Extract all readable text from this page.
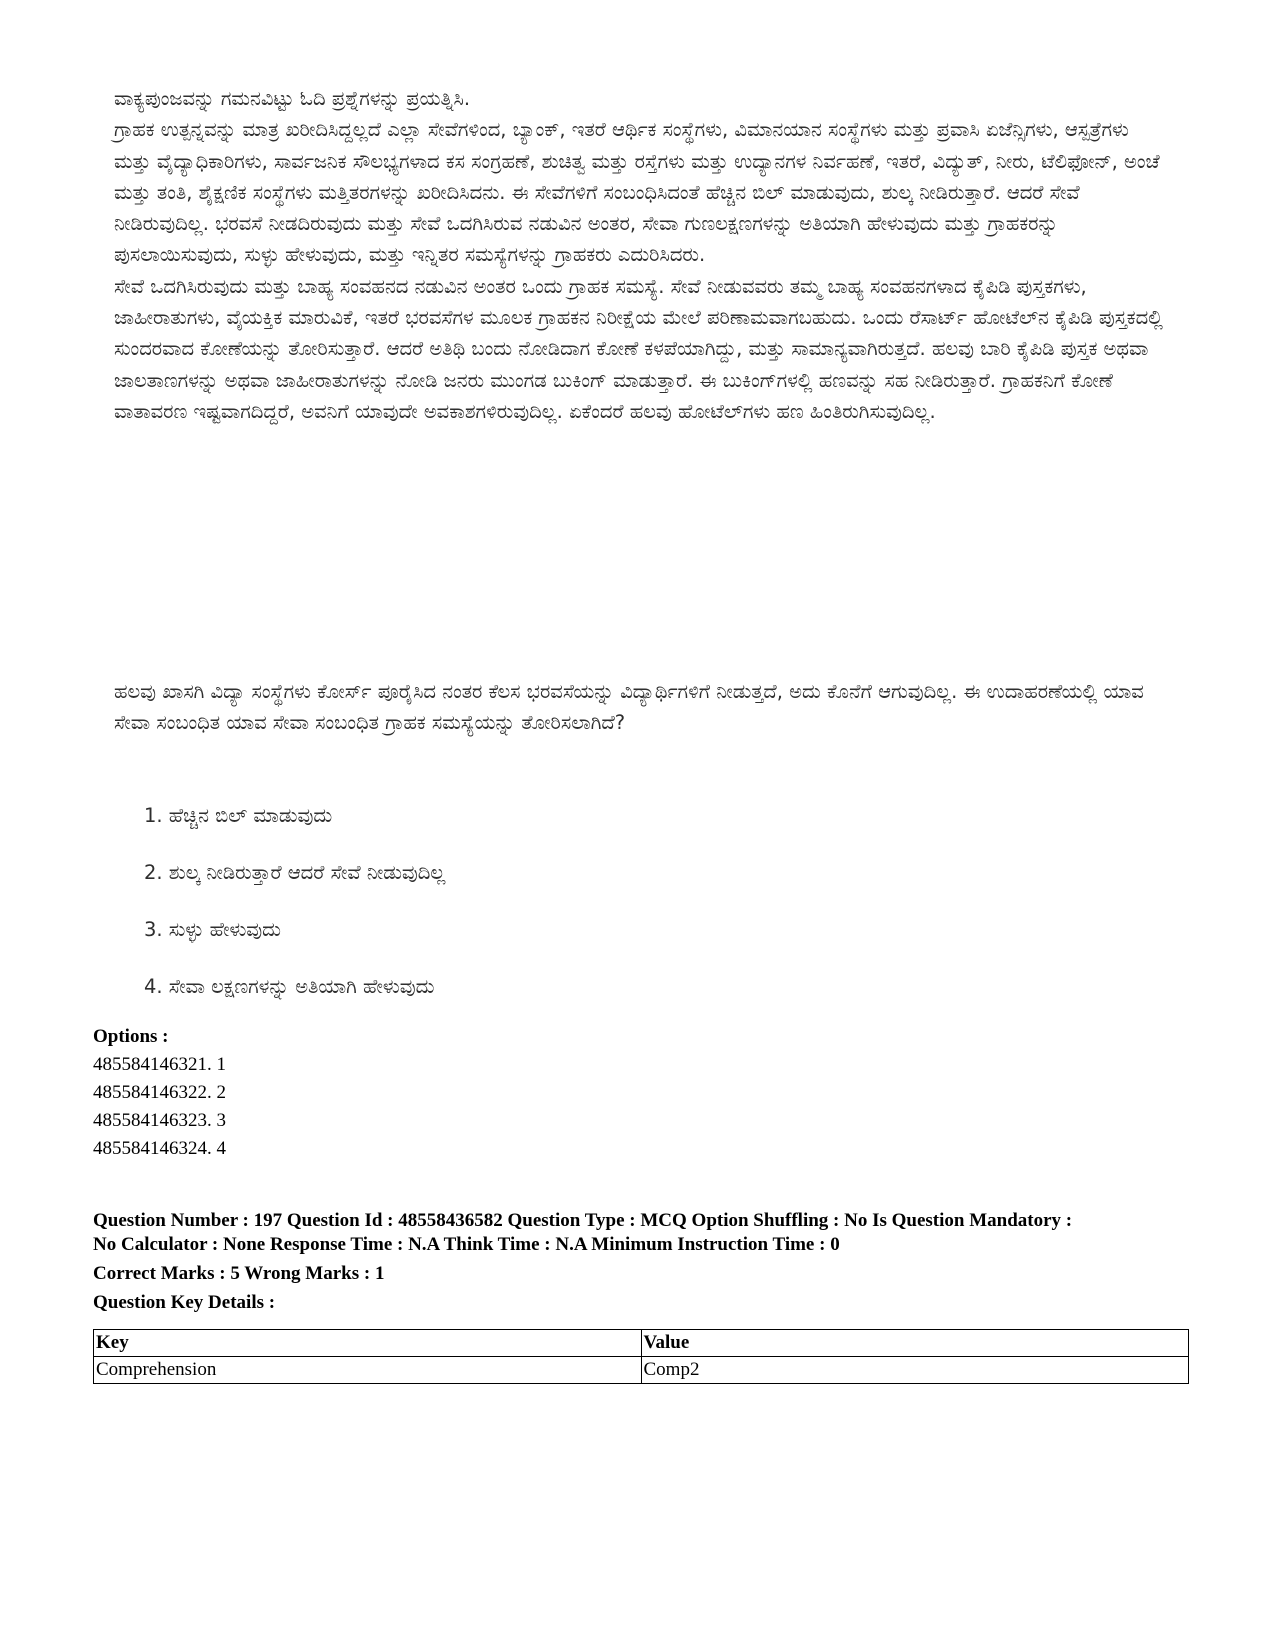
ವಾಕ್ಯಪುಂಜವನ್ನು ಗಮನವಿಟ್ಟು ಓದಿ ಪ್ರಶ್ನೆಗಳನ್ನು ಪ್ರಯತ್ನಿಸಿ.

ಗ್ರಾಹಕ ಉತ್ಪನ್ನವನ್ನು ಮಾತ್ರ ಖರೀದಿಸಿದ್ದಲ್ಲದೆ ಎಲ್ಲಾ ಸೇವೆಗಳಿಂದ, ಬ್ಯಾಂಕ್, ಇತರೆ ಆರ್ಥಿಕ ಸಂಸ್ಥೆಗಳು, ವಿಮಾನಯಾನ ಸಂಸ್ಥೆಗಳು ಮತ್ತು ಪ್ರವಾಸಿ ಏಜೆನ್ಸಿಗಳು, ಆಸ್ಪತ್ರೆಗಳು ಮತ್ತು ವೈದ್ಯಾಧಿಕಾರಿಗಳು, ಸಾರ್ವಜನಿಕ ಸೌಲಭ್ಯಗಳಾದ ಕಸ ಸಂಗ್ರಹಣೆ, ಶುಚಿತ್ವ ಮತ್ತು ರಸ್ತೆಗಳು ಮತ್ತು ಉದ್ಯಾನಗಳ ನಿರ್ವಹಣೆ, ಇತರೆ, ವಿದ್ಯುತ್, ನೀರು, ಟೆಲಿಫೋನ್, ಅಂಚೆ ಮತ್ತು ತಂತಿ, ಶೈಕ್ಷಣಿಕ ಸಂಸ್ಥೆಗಳು ಮತ್ತಿತರಗಳನ್ನು ಖರೀದಿಸಿದನು. ಈ ಸೇವೆಗಳಿಗೆ ಸಂಬಂಧಿಸಿದಂತೆ ಹೆಚ್ಚಿನ ಬಿಲ್ ಮಾಡುವುದು, ಶುಲ್ಕ ನೀಡಿರುತ್ತಾರೆ. ಆದರೆ ಸೇವೆ ನೀಡಿರುವುದಿಲ್ಲ. ಭರವಸೆ ನೀಡದಿರುವುದು ಮತ್ತು ಸೇವೆ ಒದಗಿಸಿರುವ ನಡುವಿನ ಅಂತರ, ಸೇವಾ ಗುಣಲಕ್ಷಣಗಳನ್ನು ಅತಿಯಾಗಿ ಹೇಳುವುದು ಮತ್ತು ಗ್ರಾಹಕರನ್ನು ಪುಸಲಾಯಿಸುವುದು, ಸುಳ್ಳು ಹೇಳುವುದು, ಮತ್ತು ಇನ್ನಿತರ ಸಮಸ್ಯೆಗಳನ್ನು ಗ್ರಾಹಕರು ಎದುರಿಸಿದರು.

ಸೇವೆ ಒದಗಿಸಿರುವುದು ಮತ್ತು ಬಾಹ್ಯ ಸಂವಹನದ ನಡುವಿನ ಅಂತರ ಒಂದು ಗ್ರಾಹಕ ಸಮಸ್ಯೆ. ಸೇವೆ ನೀಡುವವರು ತಮ್ಮ ಬಾಹ್ಯ ಸಂವಹನಗಳಾದ ಕೈಪಿಡಿ ಪುಸ್ತಕಗಳು, ಜಾಹೀರಾತುಗಳು, ವೈಯಕ್ತಿಕ ಮಾರುವಿಕೆ, ಇತರೆ ಭರವಸೆಗಳ ಮೂಲಕ ಗ್ರಾಹಕನ ನಿರೀಕ್ಷೆಯ ಮೇಲೆ ಪರಿಣಾಮವಾಗಬಹುದು. ಒಂದು ರೆಸಾರ್ಟ್ ಹೋಟೆಲ್‌ನ ಕೈಪಿಡಿ ಪುಸ್ತಕದಲ್ಲಿ ಸುಂದರವಾದ ಕೋಣೆಯನ್ನು ತೋರಿಸುತ್ತಾರೆ. ಆದರೆ ಅತಿಥಿ ಬಂದು ನೋಡಿದಾಗ ಕೋಣೆ ಕಳಪೆಯಾಗಿದ್ದು, ಮತ್ತು ಸಾಮಾನ್ಯವಾಗಿರುತ್ತದೆ. ಹಲವು ಬಾರಿ ಕೈಪಿಡಿ ಪುಸ್ತಕ ಅಥವಾ ಜಾಲತಾಣಗಳನ್ನು ಅಥವಾ ಜಾಹೀರಾತುಗಳನ್ನು ನೋಡಿ ಜನರು ಮುಂಗಡ ಬುಕಿಂಗ್ ಮಾಡುತ್ತಾರೆ. ಈ ಬುಕಿಂಗ್‌ಗಳಲ್ಲಿ ಹಣವನ್ನು ಸಹ ನೀಡಿರುತ್ತಾರೆ. ಗ್ರಾಹಕನಿಗೆ ಕೋಣೆ ವಾತಾವರಣ ಇಷ್ಟವಾಗದಿದ್ದರೆ, ಅವನಿಗೆ ಯಾವುದೇ ಅವಕಾಶಗಳಿರುವುದಿಲ್ಲ. ಏಕೆಂದರೆ ಹಲವು ಹೋಟೆಲ್‌ಗಳು ಹಣ ಹಿಂತಿರುಗಿಸುವುದಿಲ್ಲ.

ಹಲವು ಖಾಸಗಿ ವಿದ್ಯಾ ಸಂಸ್ಥೆಗಳು ಕೋರ್ಸ್ ಪೂರೈಸಿದ ನಂತರ ಕೆಲಸ ಭರವಸೆಯನ್ನು ವಿದ್ಯಾರ್ಥಿಗಳಿಗೆ ನೀಡುತ್ತದೆ, ಅದು ಕೊನೆಗೆ ಆಗುವುದಿಲ್ಲ. ಈ ಉದಾಹರಣೆಯಲ್ಲಿ ಯಾವ ಸೇವಾ ಸಂಬಂಧಿತ ಯಾವ ಸೇವಾ ಸಂಬಂಧಿತ ಗ್ರಾಹಕ ಸಮಸ್ಯೆಯನ್ನು ತೋರಿಸಲಾಗಿದೆ?
1. ಹೆಚ್ಚಿನ ಬಿಲ್ ಮಾಡುವುದು
2. ಶುಲ್ಕ ನೀಡಿರುತ್ತಾರೆ ಆದರೆ ಸೇವೆ ನೀಡುವುದಿಲ್ಲ
3. ಸುಳ್ಳು ಹೇಳುವುದು
4. ಸೇವಾ ಲಕ್ಷಣಗಳನ್ನು ಅತಿಯಾಗಿ ಹೇಳುವುದು
Options :
485584146321. 1
485584146322. 2
485584146323. 3
485584146324. 4
Question Number : 197 Question Id : 48558436582 Question Type : MCQ Option Shuffling : No Is Question Mandatory :
No Calculator : None Response Time : N.A Think Time : N.A Minimum Instruction Time : 0
Correct Marks : 5 Wrong Marks : 1
Question Key Details :
Key	Value
Comprehension	Comp2
